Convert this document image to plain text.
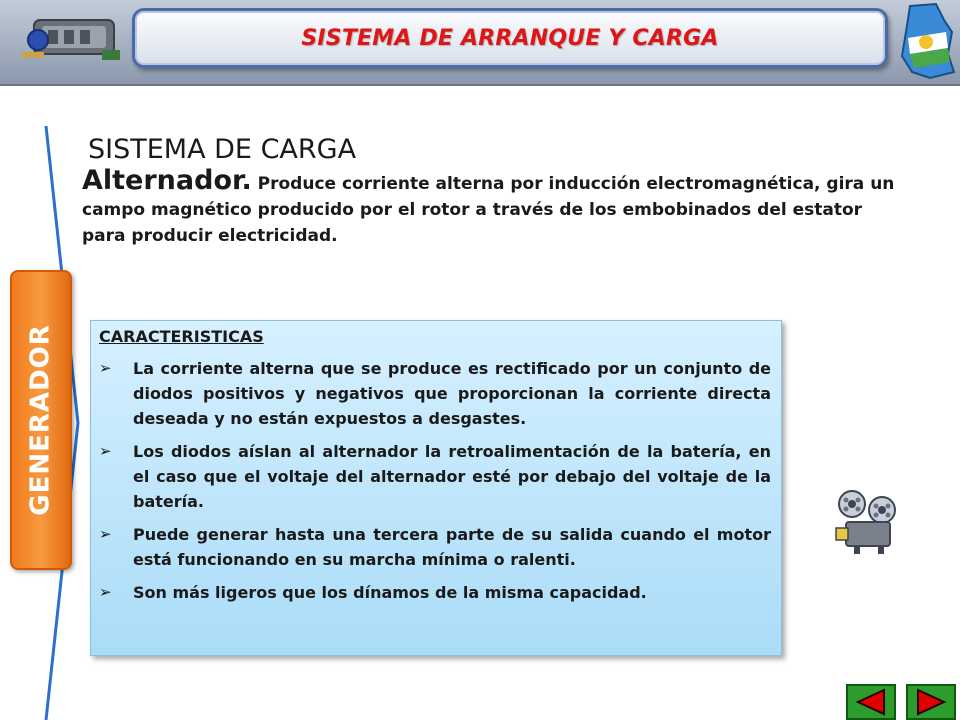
SISTEMA DE ARRANQUE Y CARGA
GENERADOR
SISTEMA DE CARGA
Alternador. Produce corriente alterna por inducción electromagnética, gira un campo magnético producido por el rotor a través de los embobinados del estator para producir electricidad.
CARACTERISTICAS
➢	La corriente alterna que se produce es rectificado por un conjunto de diodos positivos y negativos que proporcionan la corriente directa deseada y no están expuestos a desgastes.
➢	Los diodos aíslan al alternador la retroalimentación de la batería, en el caso que el voltaje del alternador esté por debajo del voltaje de la batería.
➢	Puede generar hasta una tercera parte de su salida cuando el motor está funcionando en su marcha mínima o ralenti.
➢	Son más ligeros que los dínamos de la misma capacidad.
